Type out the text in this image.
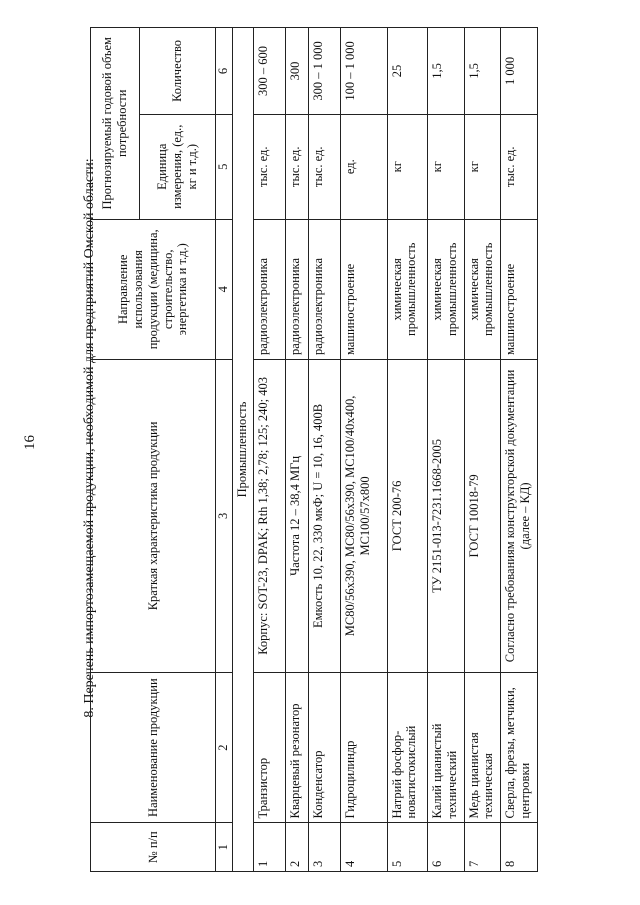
16	8. Перечень импортозамещаемой продукции, необходимой для предприятий Омской области:
№ п/п	Наименование продукции	Краткая характеристика продукции	Направление использования продукции (медицина, строительство, энергетика и т.д.)	Прогнозируемый годовой объем потребности	
				Единица измерения, (ед., кг и т.д.)	Количество
1	2	3	4	5	6
Промышленность					
1	Транзистор	Корпус: SOT-23, DPAK; Rth 1,38; 2,78; 125; 240; 403	радиоэлектроника	тыс. ед.	300 – 600
2	Кварцевый резонатор	Частота 12 – 38,4 МГц	радиоэлектроника	тыс. ед.	300
3	Конденсатор	Емкость 10, 22, 330 мкФ; U = 10, 16, 400В	радиоэлектроника	тыс. ед.	300 – 1 000
4	Гидроцилиндр	МС80/56х390, МС80/56х390, МС100/40х400, МС100/57х800	машиностроение	ед.	100 – 1 000
5	Натрий фосфор-новатистокислый	ГОСТ 200-76	химическая промышленность	кг	25
6	Калий цианистый технический	ТУ 2151-013-7231.1668-2005	химическая промышленность	кг	1,5
7	Медь цианистая техническая	ГОСТ 10018-79	химическая промышленность	кг	1,5
8	Сверла, фрезы, метчики, центровки	Согласно требованиям конструкторской документации (далее – КД)	машиностроение	тыс. ед.	1 000
